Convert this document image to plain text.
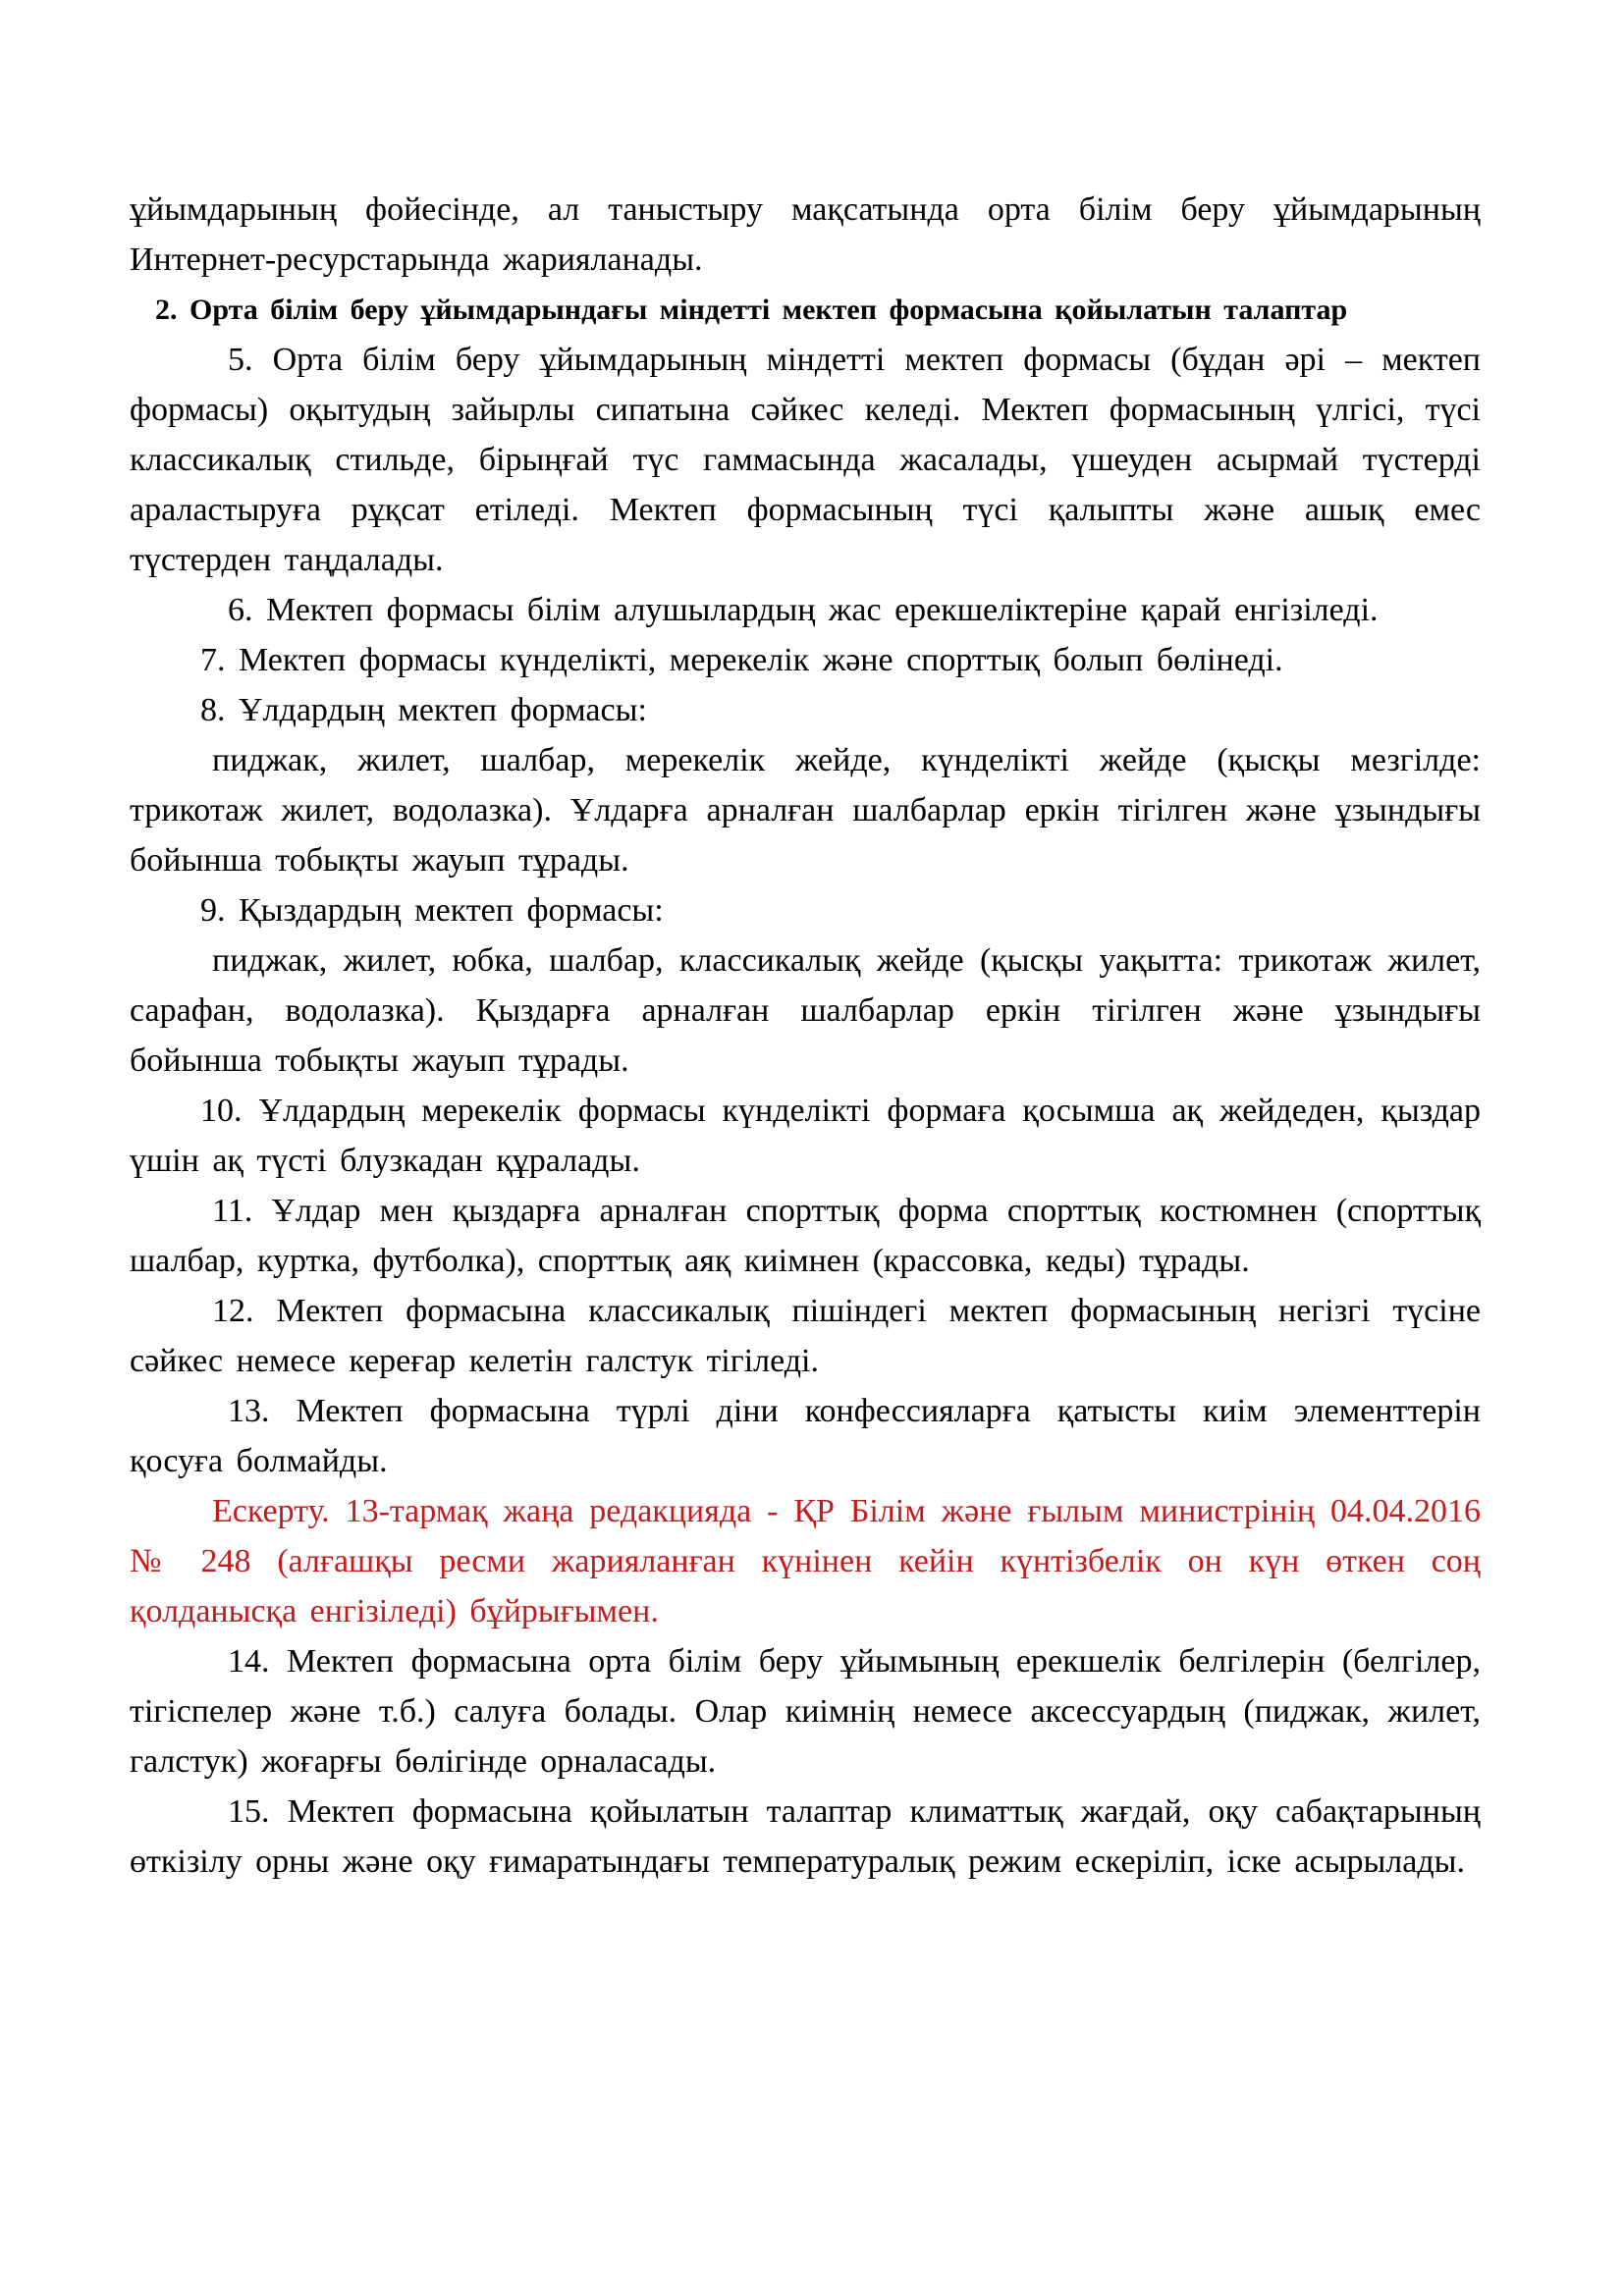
ұйымдарының фойесінде, ал таныстыру мақсатында орта білім беру ұйымдарының Интернет-ресурстарында жарияланады.

2. Орта білім беру ұйымдарындағы міндетті мектеп формасына қойылатын талаптар

5. Орта білім беру ұйымдарының міндетті мектеп формасы (бұдан әрі – мектеп формасы) оқытудың зайырлы сипатына сәйкес келеді. Мектеп формасының үлгісі, түсі классикалық стильде, бірыңғай түс гаммасында жасалады, үшеуден асырмай түстерді араластыруға рұқсат етіледі. Мектеп формасының түсі қалыпты және ашық емес түстерден таңдалады.

6. Мектеп формасы білім алушылардың жас ерекшеліктеріне қарай енгізіледі.

7. Мектеп формасы күнделікті, мерекелік және спорттық болып бөлінеді.

8. Ұлдардың мектеп формасы:

пиджак, жилет, шалбар, мерекелік жейде, күнделікті жейде (қысқы мезгілде: трикотаж жилет, водолазка). Ұлдарға арналған шалбарлар еркін тігілген және ұзындығы бойынша тобықты жауып тұрады.

9. Қыздардың мектеп формасы:

пиджак, жилет, юбка, шалбар, классикалық жейде (қысқы уақытта: трикотаж жилет, сарафан, водолазка). Қыздарға арналған шалбарлар еркін тігілген және ұзындығы бойынша тобықты жауып тұрады.

10. Ұлдардың мерекелік формасы күнделікті формаға қосымша ақ жейдеден, қыздар үшін ақ түсті блузкадан құралады.

11. Ұлдар мен қыздарға арналған спорттық форма спорттық костюмнен (спорттық шалбар, куртка, футболка), спорттық аяқ киімнен (крассовка, кеды) тұрады.

12. Мектеп формасына классикалық пішіндегі мектеп формасының негізгі түсіне сәйкес немесе кереғар келетін галстук тігіледі.

13. Мектеп формасына түрлі діни конфессияларға қатысты киім элементтерін қосуға болмайды.

Ескерту. 13-тармақ жаңа редакцияда - ҚР Білім және ғылым министрінің 04.04.2016 № 248 (алғашқы ресми жарияланған күнінен кейін күнтізбелік он күн өткен соң қолданысқа енгізіледі) бұйрығымен.

14. Мектеп формасына орта білім беру ұйымының ерекшелік белгілерін (белгілер, тігіспелер және т.б.) салуға болады. Олар киімнің немесе аксессуардың (пиджак, жилет, галстук) жоғарғы бөлігінде орналасады.

15. Мектеп формасына қойылатын талаптар климаттық жағдай, оқу сабақтарының өткізілу орны және оқу ғимаратындағы температуралық режим ескеріліп, іске асырылады.
